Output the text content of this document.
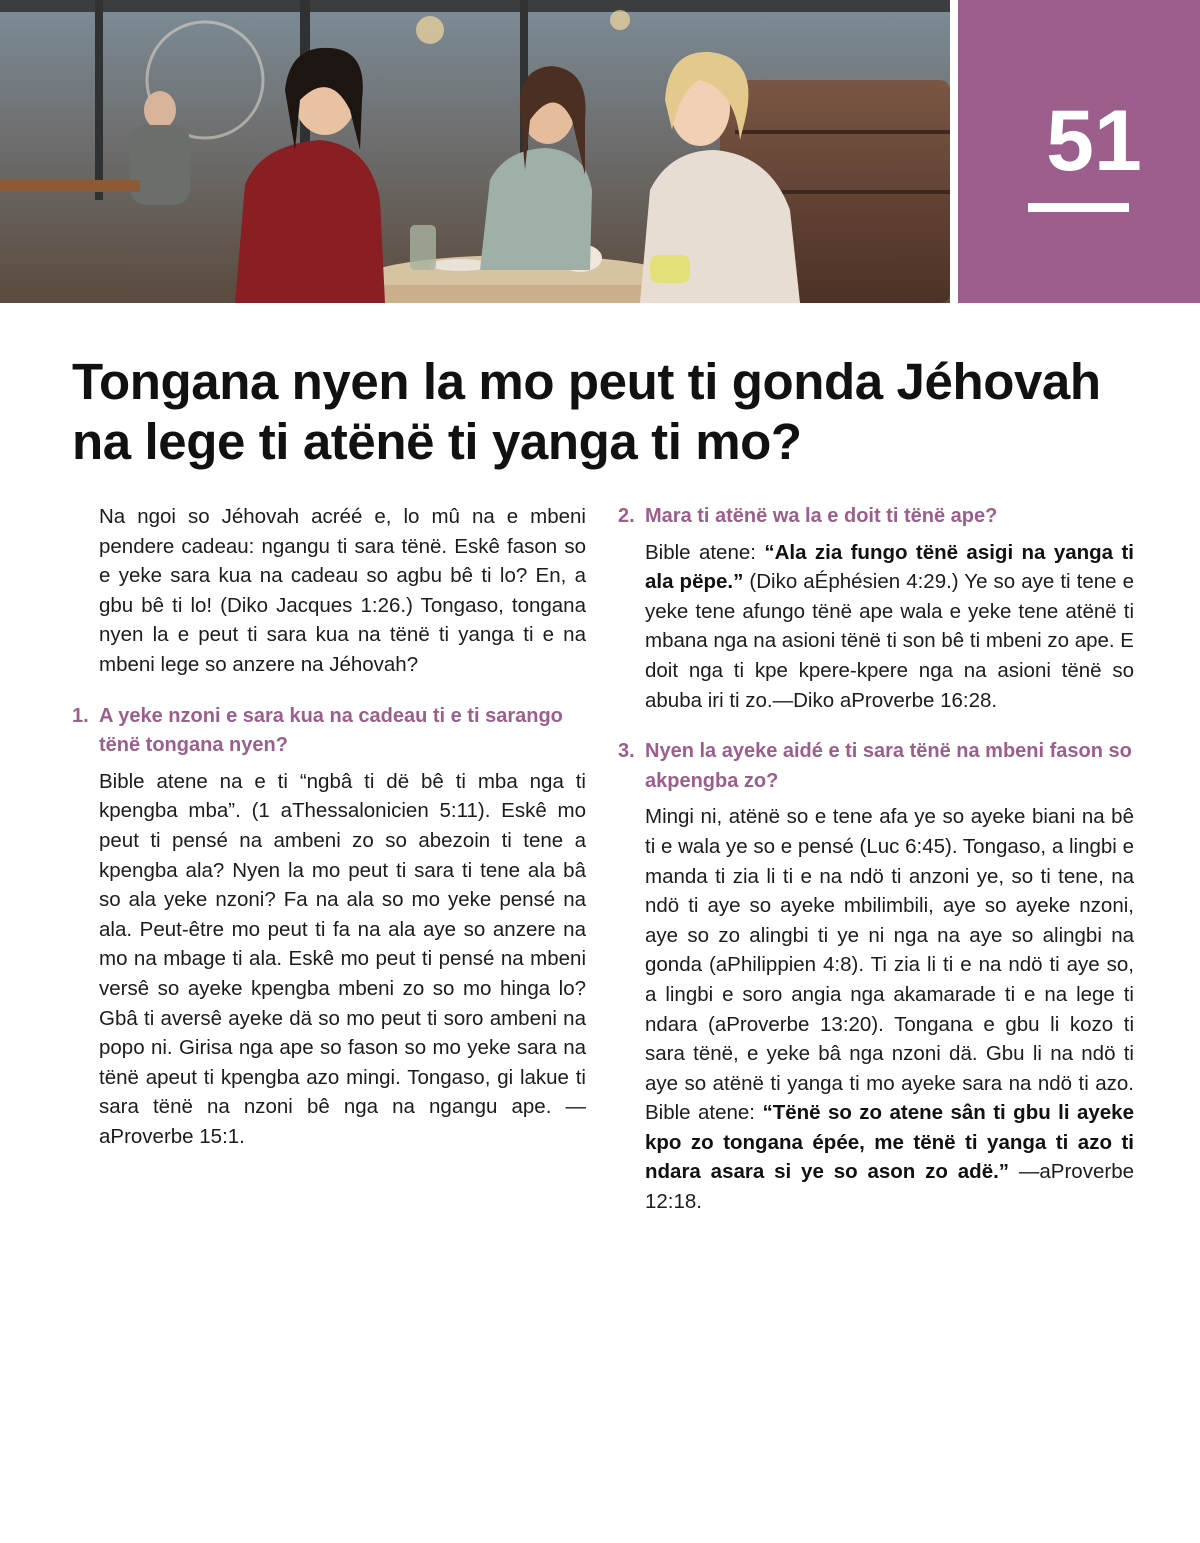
51
Tongana nyen la mo peut ti gonda Jéhovah na lege ti atënë ti yanga ti mo?

Na ngoi so Jéhovah acréé e, lo mû na e mbeni pendere cadeau: ngangu ti sara tënë. Eskê fason so e yeke sara kua na cadeau so agbu bê ti lo? En, a gbu bê ti lo! (Diko Jacques 1:26.) Tongaso, tongana nyen la e peut ti sara kua na tënë ti yanga ti e na mbeni lege so anzere na Jéhovah?

1. A yeke nzoni e sara kua na cadeau ti e ti sarango tënë tongana nyen?

Bible atene na e ti “ngbâ ti dë bê ti mba nga ti kpengba mba”. (1 aThessalonicien 5:11). Eskê mo peut ti pensé na ambeni zo so abezoin ti tene a kpengba ala? Nyen la mo peut ti sara ti tene ala bâ so ala yeke nzoni? Fa na ala so mo yeke pensé na ala. Peut-être mo peut ti fa na ala aye so anzere na mo na mbage ti ala. Eskê mo peut ti pensé na mbeni versê so ayeke kpengba mbeni zo so mo hinga lo? Gbâ ti aversê ayeke dä so mo peut ti soro ambeni na popo ni. Girisa nga ape so fason so mo yeke sara na tënë apeut ti kpengba azo mingi. Tongaso, gi lakue ti sara tënë na nzoni bê nga na ngangu ape. —aProverbe 15:1.

2. Mara ti atënë wa la e doit ti tënë ape?

Bible atene: “Ala zia fungo tënë asigi na yanga ti ala pëpe.” (Diko aÉphésien 4:29.) Ye so aye ti tene e yeke tene afungo tënë ape wala e yeke tene atënë ti mbana nga na asioni tënë ti son bê ti mbeni zo ape. E doit nga ti kpe kpere-kpere nga na asioni tënë so abuba iri ti zo.—Diko aProverbe 16:28.

3. Nyen la ayeke aidé e ti sara tënë na mbeni fason so akpengba zo?

Mingi ni, atënë so e tene afa ye so ayeke biani na bê ti e wala ye so e pensé (Luc 6:45). Tongaso, a lingbi e manda ti zia li ti e na ndö ti anzoni ye, so ti tene, na ndö ti aye so ayeke mbilimbili, aye so ayeke nzoni, aye so zo alingbi ti ye ni nga na aye so alingbi na gonda (aPhilippien 4:8). Ti zia li ti e na ndö ti aye so, a lingbi e soro angia nga akamarade ti e na lege ti ndara (aProverbe 13:20). Tongana e gbu li kozo ti sara tënë, e yeke bâ nga nzoni dä. Gbu li na ndö ti aye so atënë ti yanga ti mo ayeke sara na ndö ti azo. Bible atene: “Tënë so zo atene sân ti gbu li ayeke kpo zo tongana épée, me tënë ti yanga ti azo ti ndara asara si ye so ason zo adë.” —aProverbe 12:18.
